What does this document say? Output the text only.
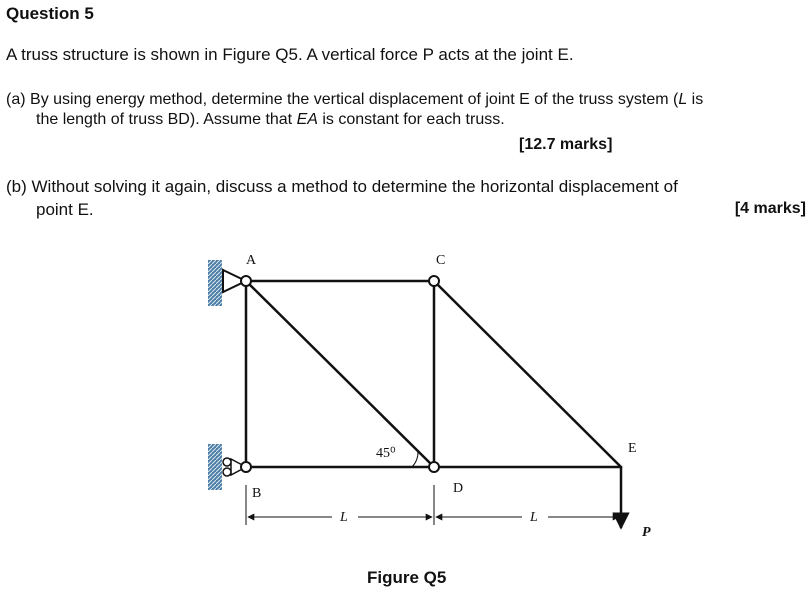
Question 5
A truss structure is shown in Figure Q5. A vertical force P acts at the joint E.
(a) By using energy method, determine the vertical displacement of joint E of the truss system (L is
the length of truss BD). Assume that EA is constant for each truss.
[12.7 marks]
(b) Without solving it again, discuss a method to determine the horizontal displacement of
point E.	[4 marks]
A
B
C
D
E
45⁰
L	L
P
Figure Q5
